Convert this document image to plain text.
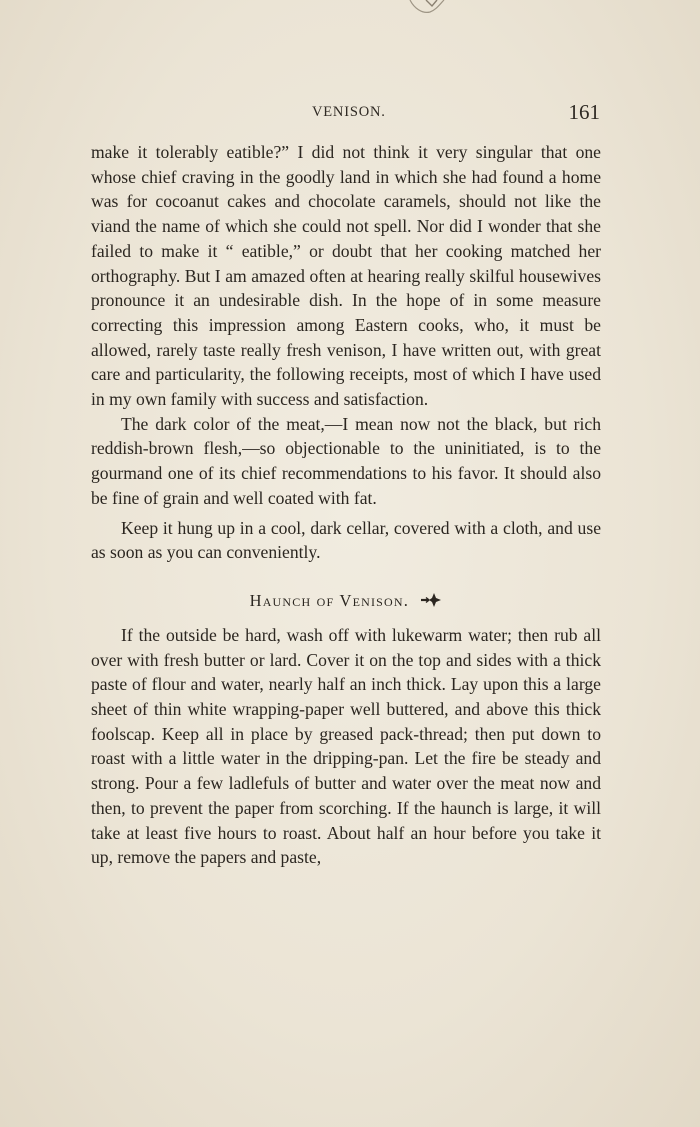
VENISON.	161

make it tolerably eatible?” I did not think it very singular that one whose chief craving in the goodly land in which she had found a home was for cocoanut cakes and chocolate caramels, should not like the viand the name of which she could not spell. Nor did I wonder that she failed to make it “ eatible,” or doubt that her cooking matched her orthography. But I am amazed often at hearing really skilful housewives pronounce it an undesirable dish. In the hope of in some measure correcting this impression among Eastern cooks, who, it must be allowed, rarely taste really fresh venison, I have written out, with great care and particularity, the following receipts, most of which I have used in my own family with success and satisfaction.

The dark color of the meat,—I mean now not the black, but rich reddish-brown flesh,—so objectionable to the uninitiated, is to the gourmand one of its chief recommendations to his favor. It should also be fine of grain and well coated with fat.

Keep it hung up in a cool, dark cellar, covered with a cloth, and use as soon as you can conveniently.

Haunch of Venison.

If the outside be hard, wash off with lukewarm water; then rub all over with fresh butter or lard. Cover it on the top and sides with a thick paste of flour and water, nearly half an inch thick. Lay upon this a large sheet of thin white wrapping-paper well buttered, and above this thick foolscap. Keep all in place by greased pack-thread; then put down to roast with a little water in the dripping-pan. Let the fire be steady and strong. Pour a few ladlefuls of butter and water over the meat now and then, to prevent the paper from scorching. If the haunch is large, it will take at least five hours to roast. About half an hour before you take it up, remove the papers and paste,
